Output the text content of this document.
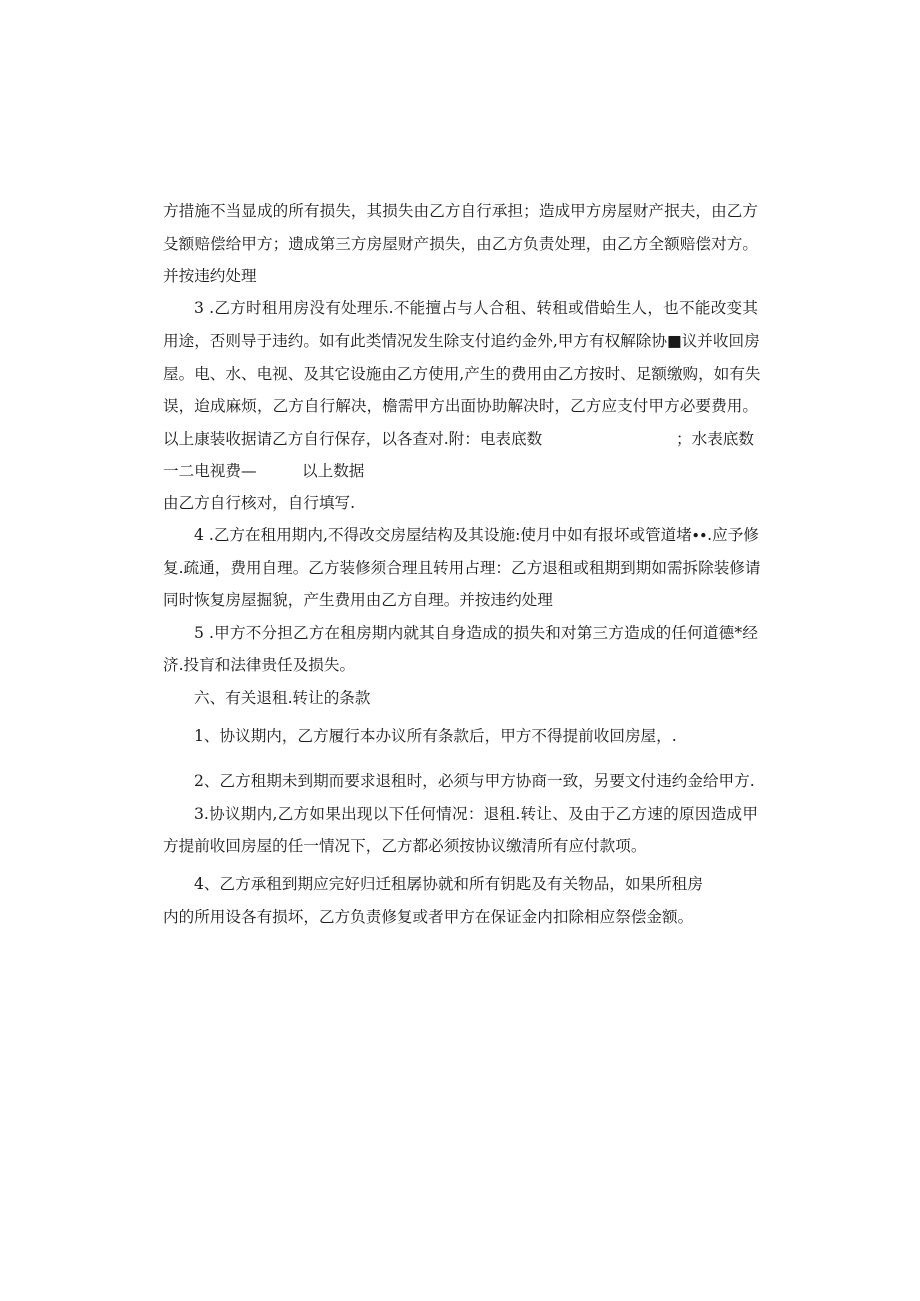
方措施不当显成的所有损失，其损失由乙方自行承担；造成甲方房屋财产抿夫，由乙方

殳额赔偿给甲方；遗成第三方房屋财产损失，由乙方负责处理，由乙方全额赔偿对方。

并按违约处理

3 .乙方时租用房没有处理乐.不能擅占与人合租、转租或借蛤生人，也不能改变其

用途，否则导于违约。如有此类情况发生除支付追约金外,甲方有权解除协■议并收回房

屋。电、水、电视、及其它设施由乙方使用,产生的费用由乙方按时、足额缴购，如有失

误，迨成麻烦，乙方自行解决，檐需甲方出面协助解决时，乙方应支付甲方必要费用。

以上康装收据请乙方自行保存，以各查对.附：电表底数	；水表底数

一二电视费—	以上数据

由乙方自行核对，自行填写.

4 .乙方在租用期内,不得改交房屋结构及其设施:使月中如有报坏或管道堵∙∙.应予修

复.疏通，费用自理。乙方装修须合理且转用占理：乙方退租或租期到期如需拆除装修请

同时恢复房屋掘貌，产生费用由乙方自理。并按违约处理

5 .甲方不分担乙方在租房期内就其自身造成的损失和对第三方造成的任何道德*经

济.投肓和法律贵任及损失。

六、有关退租.转让的条款

1、协议期内，乙方履行本办议所有条款后，甲方不得提前收回房屋，.

2、乙方租期未到期而要求退租时，必须与甲方协商一致，另要文付违约金给甲方.

3.协议期内,乙方如果出现以下任何情况：退租.转让、及由于乙方速的原因造成甲

方提前收回房屋的任一情况下，乙方都必须按协议缴清所有应付款项。

4、乙方承租到期应完好归迁租孱协就和所有钥匙及有关物品，如果所租房

内的所用设各有损坏，乙方负责修复或者甲方在保证金内扣除相应祭偿金额。
